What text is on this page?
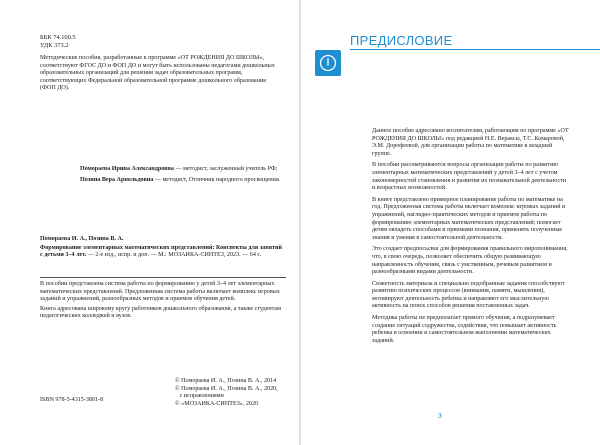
ББК 74.100.5
УДК 373.2

Методические пособия, разработанные к программе «ОТ РОЖДЕНИЯ ДО ШКОЛЫ», соответствуют ФГОС ДО и ФОП ДО и могут быть использованы педагогами дошкольных образовательных организаций для решения задач образовательных программ, соответствующих Федеральной образовательной программе дошкольного образования (ФОП ДО).

Помораева Ирина Александровна — методист, заслуженный учитель РФ;

Позина Вера Арнольдовна — методист, Отличник народного просвещения.

Помораева И. А., Позина В. А.
Формирование элементарных математических представлений: Конспекты для занятий с детьми 3–4 лет. — 2-е изд., испр. и доп. — М.: МОЗАИКА-СИНТЕЗ, 2023. — 64 с.

В пособии представлена система работы по формированию у детей 3–4 лет элементарных математических представлений. Предложенная система работы включает комплекс игровых заданий и упражнений, разнообразных методов и приемов обучения детей.

Книга адресована широкому кругу работников дошкольного образования, а также студентам педагогических колледжей и вузов.

© Помораева И. А., Позина В. А., 2014
© Помораева И. А., Позина В. А., 2020,
с исправлениями
© «МОЗАИКА-СИНТЕЗ», 2020
ISBN 978-5-4315-3801-8
ПРЕДИСЛОВИЕ

Данное пособие адресовано воспитателям, работающим по программе «ОТ РОЖДЕНИЯ ДО ШКОЛЫ» под редакцией Н.Е. Вераксы, Т.С. Комаровой, Э.М. Дорофеевой, для организации работы по математике в младшей группе.

В пособии рассматриваются вопросы организации работы по развитию элементарных математических представлений у детей 3–4 лет с учетом закономерностей становления и развития их познавательной деятельности и возрастных возможностей.

В книге представлено примерное планирование работы по математике на год. Предложенная система работы включает комплекс игровых заданий и упражнений, наглядно-практических методов и приемов работы по формированию элементарных математических представлений; помогает детям овладеть способами и приемами познания, применять полученные знания и умения в самостоятельной деятельности.

Это создает предпосылки для формирования правильного миропонимания, что, в свою очередь, позволяет обеспечить общую развивающую направленность обучения, связь с умственным, речевым развитием и разнообразными видами деятельности.

Сюжетность материала и специально подобранные задания способствуют развитию психических процессов (внимания, памяти, мышления), мотивируют деятельность ребенка и направляют его мыслительную активность на поиск способов решения поставленных задач.

Методика работы не предполагает прямого обучения, а подразумевает создание ситуаций содружества, содействия, что повышает активность ребенка в освоении и самостоятельном выполнении математических заданий.

3
